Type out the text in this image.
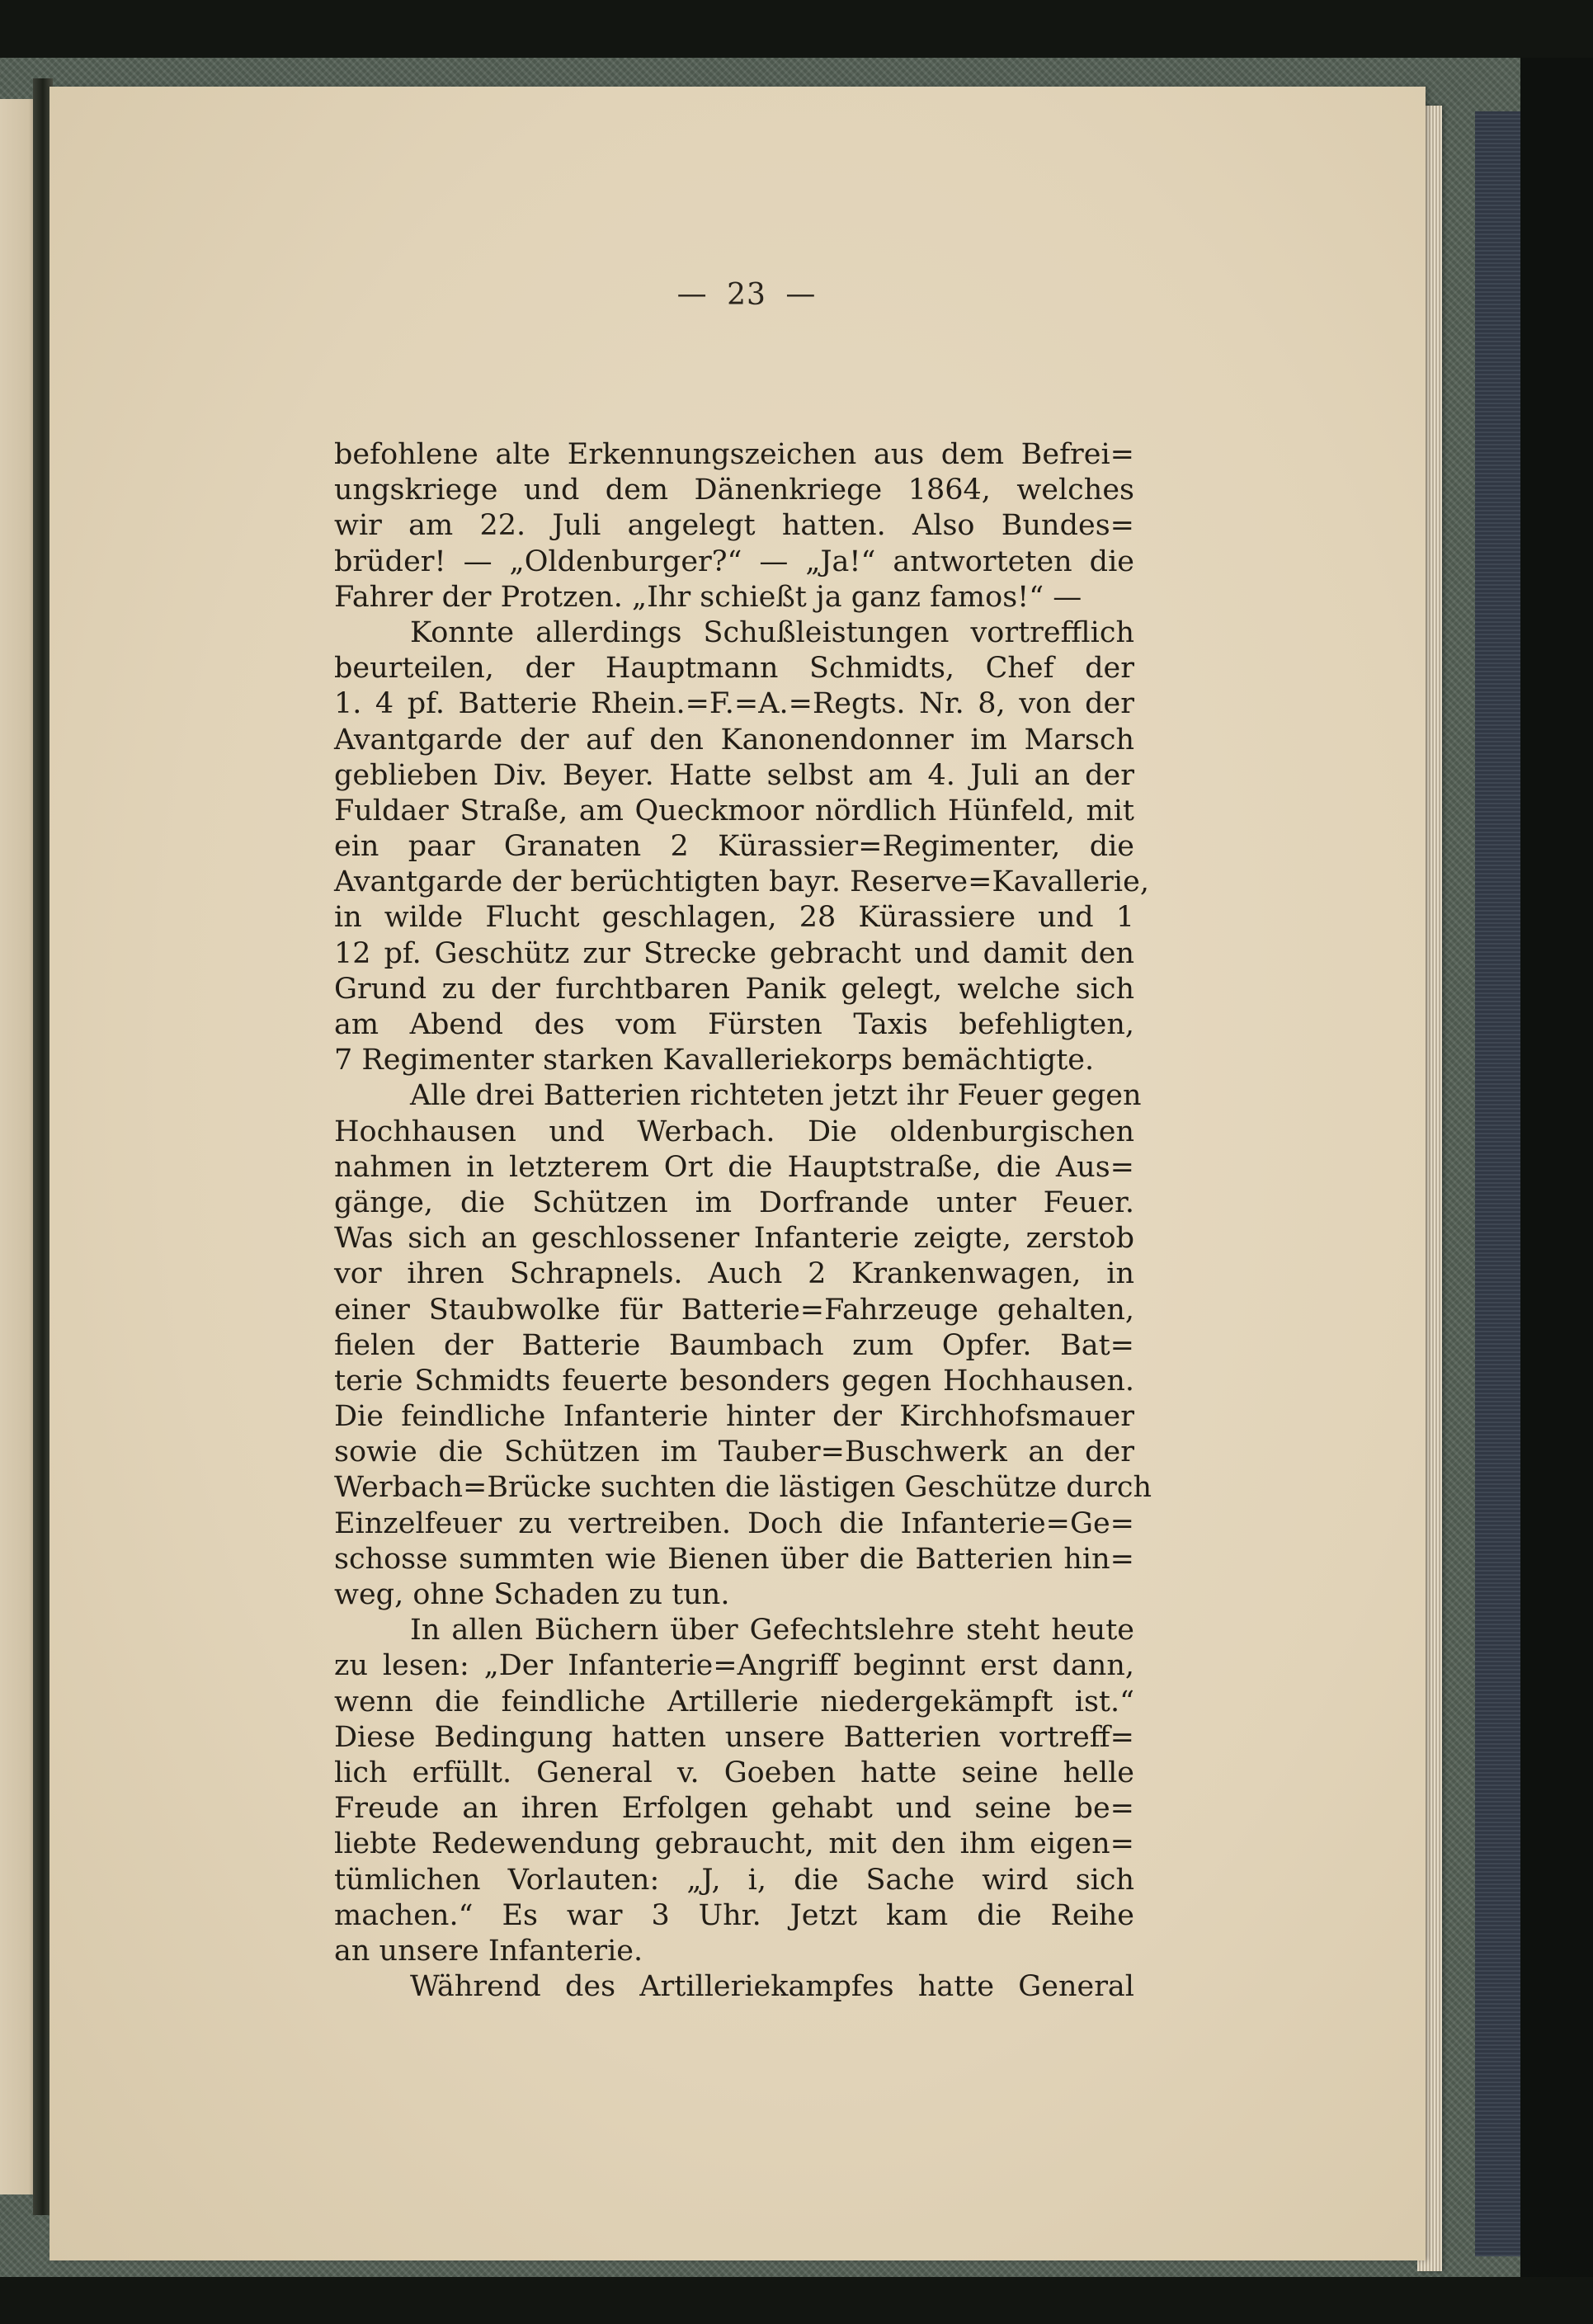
— 23 —
befohlene alte Erkennungszeichen aus dem Befrei=
ungskriege und dem Dänenkriege 1864, welches
wir am 22. Juli angelegt hatten. Also Bundes=
brüder! — „Oldenburger?“ — „Ja!“ antworteten die
Fahrer der Protzen. „Ihr schießt ja ganz famos!“ —
Konnte allerdings Schußleistungen vortrefflich
beurteilen, der Hauptmann Schmidts, Chef der
1. 4 pf. Batterie Rhein.=F.=A.=Regts. Nr. 8, von der
Avantgarde der auf den Kanonendonner im Marsch
geblieben Div. Beyer. Hatte selbst am 4. Juli an der
Fuldaer Straße, am Queckmoor nördlich Hünfeld, mit
ein paar Granaten 2 Kürassier=Regimenter, die
Avantgarde der berüchtigten bayr. Reserve=Kavallerie,
in wilde Flucht geschlagen, 28 Kürassiere und 1
12 pf. Geschütz zur Strecke gebracht und damit den
Grund zu der furchtbaren Panik gelegt, welche sich
am Abend des vom Fürsten Taxis befehligten,
7 Regimenter starken Kavalleriekorps bemächtigte.
Alle drei Batterien richteten jetzt ihr Feuer gegen
Hochhausen und Werbach. Die oldenburgischen
nahmen in letzterem Ort die Hauptstraße, die Aus=
gänge, die Schützen im Dorfrande unter Feuer.
Was sich an geschlossener Infanterie zeigte, zerstob
vor ihren Schrapnels. Auch 2 Krankenwagen, in
einer Staubwolke für Batterie=Fahrzeuge gehalten,
fielen der Batterie Baumbach zum Opfer. Bat=
terie Schmidts feuerte besonders gegen Hochhausen.
Die feindliche Infanterie hinter der Kirchhofsmauer
sowie die Schützen im Tauber=Buschwerk an der
Werbach=Brücke suchten die lästigen Geschütze durch
Einzelfeuer zu vertreiben. Doch die Infanterie=Ge=
schosse summten wie Bienen über die Batterien hin=
weg, ohne Schaden zu tun.
In allen Büchern über Gefechtslehre steht heute
zu lesen: „Der Infanterie=Angriff beginnt erst dann,
wenn die feindliche Artillerie niedergekämpft ist.“
Diese Bedingung hatten unsere Batterien vortreff=
lich erfüllt. General v. Goeben hatte seine helle
Freude an ihren Erfolgen gehabt und seine be=
liebte Redewendung gebraucht, mit den ihm eigen=
tümlichen Vorlauten: „J, i, die Sache wird sich
machen.“ Es war 3 Uhr. Jetzt kam die Reihe
an unsere Infanterie.
Während des Artilleriekampfes hatte General
